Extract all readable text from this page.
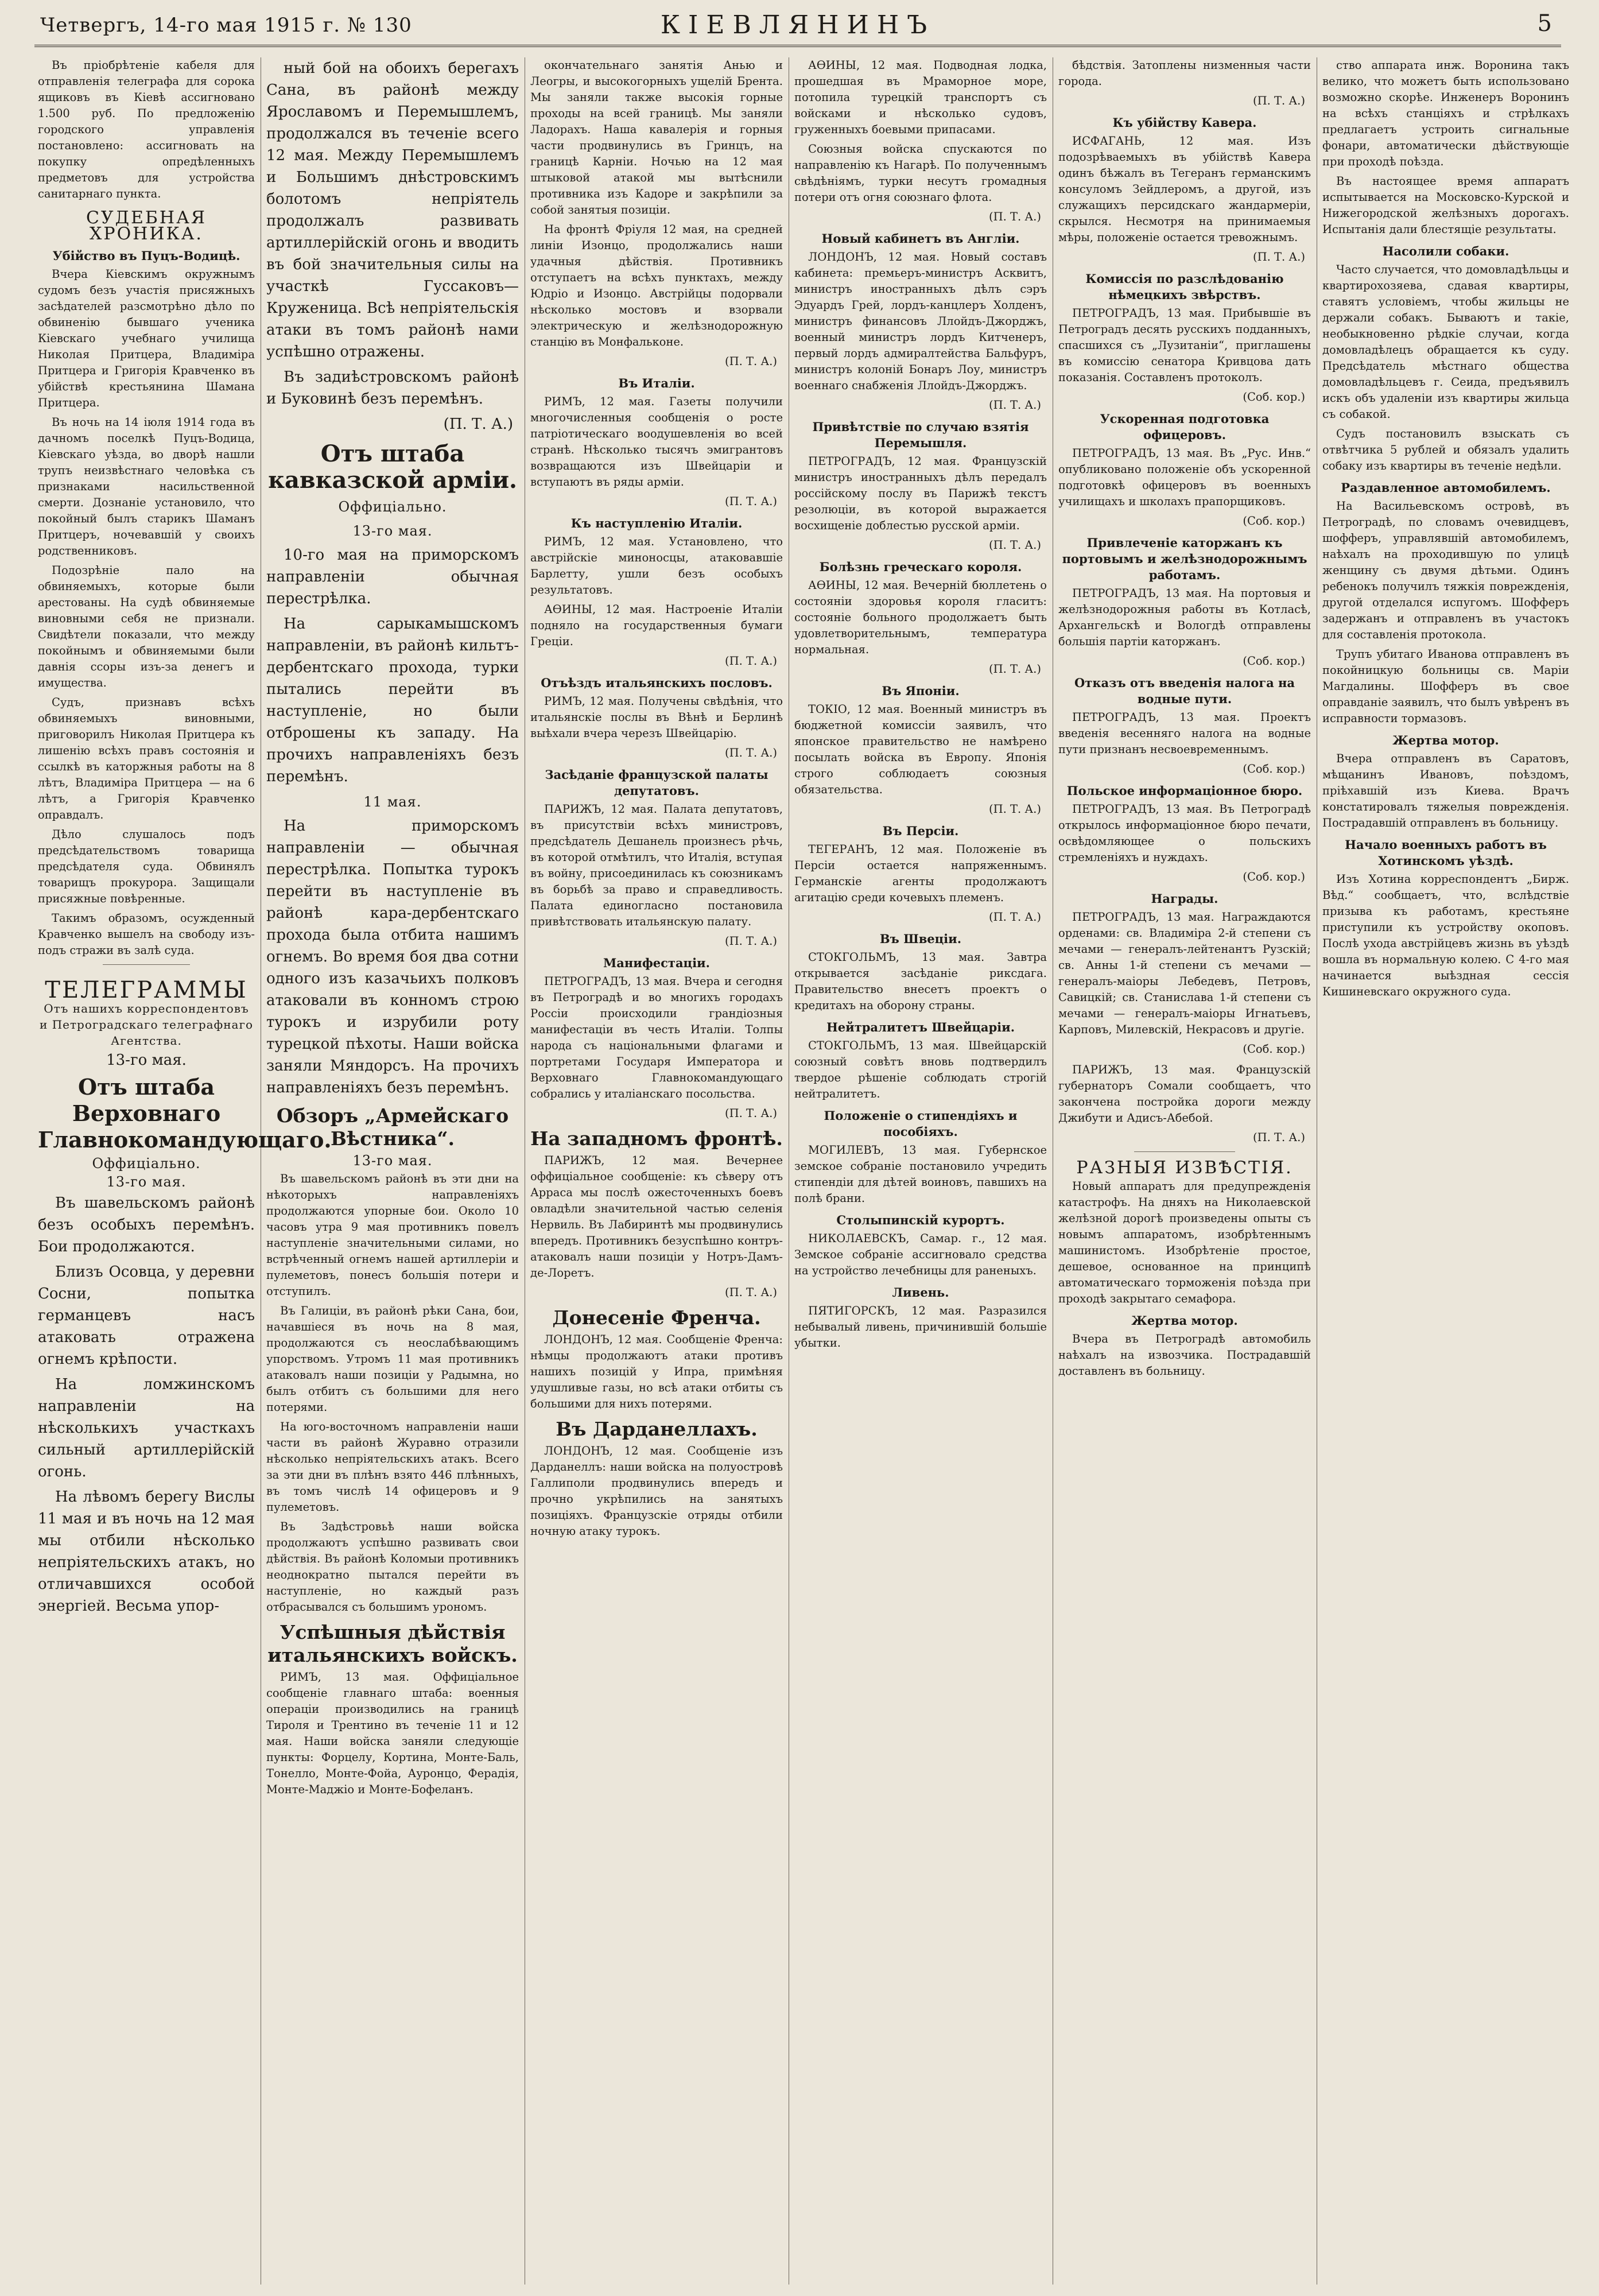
Четвергъ, 14-го мая 1915 г. № 130	КІЕВЛЯНИНЪ	5

Въ пріобрѣтеніе кабеля для отправленія телеграфа для сорока ящиковъ въ Кіевѣ ассигновано 1.500 руб. По предложенію городского управленія постановлено: ассигновать на покупку опредѣленныхъ предметовъ для устройства санитарнаго пункта.

СУДЕБНАЯ ХРОНИКА.
Убійство въ Пуцъ-Водицѣ.

Вчера Кіевскимъ окружнымъ судомъ безъ участія присяжныхъ засѣдателей разсмотрѣно дѣло по обвиненію бывшаго ученика Кіевскаго учебнаго училища Николая Притцера, Владиміра Притцера и Григорія Кравченко въ убійствѣ крестьянина Шамана Притцера.

Въ ночь на 14 іюля 1914 года въ дачномъ поселкѣ Пуцъ-Водица, Кіевскаго уѣзда, во дворѣ нашли трупъ неизвѣстнаго человѣка съ признаками насильственной смерти. Дознаніе установило, что покойный былъ старикъ Шаманъ Притцеръ, ночевавшій у своихъ родственниковъ.

Подозрѣніе пало на обвиняемыхъ, которые были арестованы. На судѣ обвиняемые виновными себя не признали. Свидѣтели показали, что между покойнымъ и обвиняемыми были давнія ссоры изъ-за денегъ и имущества.

Судъ, признавъ всѣхъ обвиняемыхъ виновными, приговорилъ Николая Притцера къ лишенію всѣхъ правъ состоянія и ссылкѣ въ каторжныя работы на 8 лѣтъ, Владиміра Притцера — на 6 лѣтъ, а Григорія Кравченко оправдалъ.

Дѣло слушалось подъ предсѣдательствомъ товарища предсѣдателя суда. Обвинялъ товарищъ прокурора. Защищали присяжные повѣренные.

Такимъ образомъ, осужденный Кравченко вышелъ на свободу изъ-подъ стражи въ залѣ суда.

ТЕЛЕГРАММЫ
Отъ нашихъ корреспондентовъ и Петроградскаго телеграфнаго Агентства.
13-го мая.
Отъ штаба Верховнаго Главнокомандующаго.
Оффиціально.
13-го мая.

Въ шавельскомъ районѣ безъ особыхъ перемѣнъ. Бои продолжаются.

Близъ Осовца, у деревни Сосни, попытка германцевъ насъ атаковать отражена огнемъ крѣпости.

На ломжинскомъ направленіи на нѣсколькихъ участкахъ сильный артиллерійскій огонь.

На лѣвомъ берегу Вислы 11 мая и въ ночь на 12 мая мы отбили нѣсколько непріятельскихъ атакъ, но отличавшихся особой энергіей. Весьма упор-

ный бой на обоихъ берегахъ Сана, въ районѣ между Ярославомъ и Перемышлемъ, продолжался въ теченіе всего 12 мая. Между Перемышлемъ и Большимъ днѣстровскимъ болотомъ непріятель продолжалъ развивать артиллерійскій огонь и вводить въ бой значительныя силы на участкѣ Гуссаковъ—Круженица. Всѣ непріятельскія атаки въ томъ районѣ нами успѣшно отражены.

Въ задиѣстровскомъ районѣ и Буковинѣ безъ перемѣнъ.

(П. Т. А.)
Отъ штаба кавказской арміи.
Оффиціально.
13-го мая.

10-го мая на приморскомъ направленіи обычная перестрѣлка.

На сарыкамышскомъ направленіи, въ районѣ кильтъ-дербентскаго прохода, турки пытались перейти въ наступленіе, но были отброшены къ западу. На прочихъ направленіяхъ безъ перемѣнъ.

11 мая.

На приморскомъ направленіи — обычная перестрѣлка. Попытка турокъ перейти въ наступленіе въ районѣ кара-дербентскаго прохода была отбита нашимъ огнемъ. Во время боя два сотни одного изъ казачьихъ полковъ атаковали въ конномъ строю турокъ и изрубили роту турецкой пѣхоты. Наши войска заняли Мяндорсъ. На прочихъ направленіяхъ безъ перемѣнъ.

Обзоръ „Армейскаго Вѣстника“.
13-го мая.

Въ шавельскомъ районѣ въ эти дни на нѣкоторыхъ направленіяхъ продолжаются упорные бои. Около 10 часовъ утра 9 мая противникъ повелъ наступленіе значительными силами, но встрѣченный огнемъ нашей артиллеріи и пулеметовъ, понесъ большія потери и отступилъ.

Въ Галиціи, въ районѣ рѣки Сана, бои, начавшіеся въ ночь на 8 мая, продолжаются съ неослабѣвающимъ упорствомъ. Утромъ 11 мая противникъ атаковалъ наши позиціи у Радымна, но былъ отбитъ съ большими для него потерями.

На юго-восточномъ направленіи наши части въ районѣ Журавно отразили нѣсколько непріятельскихъ атакъ. Всего за эти дни въ плѣнъ взято 446 плѣнныхъ, въ томъ числѣ 14 офицеровъ и 9 пулеметовъ.

Въ Задѣстровьѣ наши войска продолжаютъ успѣшно развивать свои дѣйствія. Въ районѣ Коломыи противникъ неоднократно пытался перейти въ наступленіе, но каждый разъ отбрасывался съ большимъ урономъ.

Успѣшныя дѣйствія итальянскихъ войскъ.

РИМЪ, 13 мая. Оффиціальное сообщеніе главнаго штаба: военныя операціи производились на границѣ Тироля и Трентино въ теченіе 11 и 12 мая. Наши войска заняли следующіе пункты: Форцелу, Кортина, Монте-Баль, Тонелло, Монте-Фойа, Ауронцо, Ферадія, Монте-Маджіо и Монте-Бофеланъ.

окончательнаго занятія Анью и Леогры, и высокогорныхъ ущелій Брента. Мы заняли также высокія горные проходы на всей границѣ. Мы заняли Ладорахъ. Наша кавалерія и горныя части продвинулись въ Гринцъ, на границѣ Карніи. Ночью на 12 мая штыковой атакой мы вытѣснили противника изъ Кадоре и закрѣпили за собой занятыя позиціи.

На фронтѣ Фріуля 12 мая, на средней линіи Изонцо, продолжались наши удачныя дѣйствія. Противникъ отступаетъ на всѣхъ пунктахъ, между Юдріо и Изонцо. Австрійцы подорвали нѣсколько мостовъ и взорвали электрическую и желѣзнодорожную станцію въ Монфальконе.

(П. Т. А.)
Въ Италіи.

РИМЪ, 12 мая. Газеты получили многочисленныя сообщенія о росте патріотическаго воодушевленія во всей странѣ. Нѣсколько тысячъ эмигрантовъ возвращаются изъ Швейцаріи и вступаютъ въ ряды арміи.

(П. Т. А.)
Къ наступленію Италіи.

РИМЪ, 12 мая. Установлено, что австрійскіе миноносцы, атаковавшіе Барлетту, ушли безъ особыхъ результатовъ.

АѲИНЫ, 12 мая. Настроеніе Италіи подняло на государственныя бумаги Греціи.

(П. Т. А.)
Отъѣздъ итальянскихъ пословъ.

РИМЪ, 12 мая. Получены свѣдѣнія, что итальянскіе послы въ Вѣнѣ и Берлинѣ выѣхали вчера черезъ Швейцарію.

(П. Т. А.)
Засѣданіе французской палаты депутатовъ.

ПАРИЖЪ, 12 мая. Палата депутатовъ, въ присутствіи всѣхъ министровъ, предсѣдатель Дешанель произнесъ рѣчь, въ которой отмѣтилъ, что Италія, вступая въ войну, присоединилась къ союзникамъ въ борьбѣ за право и справедливость. Палата единогласно постановила привѣтствовать итальянскую палату.

(П. Т. А.)
Манифестаціи.

ПЕТРОГРАДЪ, 13 мая. Вчера и сегодня въ Петроградѣ и во многихъ городахъ Россіи происходили грандіозныя манифестаціи въ честь Италіи. Толпы народа съ національными флагами и портретами Государя Императора и Верховнаго Главнокомандующаго собрались у италіанскаго посольства.

(П. Т. А.)
На западномъ фронтѣ.

ПАРИЖЪ, 12 мая. Вечернее оффиціальное сообщеніе: къ сѣверу отъ Арраса мы послѣ ожесточенныхъ боевъ овладѣли значительной частью селенія Нервиль. Въ Лабиринтѣ мы продвинулись впередъ. Противникъ безуспѣшно контръ-атаковалъ наши позиціи у Нотръ-Дамъ-де-Лоретъ.

(П. Т. А.)
Донесеніе Френча.

ЛОНДОНЪ, 12 мая. Сообщеніе Френча: нѣмцы продолжаютъ атаки противъ нашихъ позицій у Ипра, примѣняя удушливые газы, но всѣ атаки отбиты съ большими для нихъ потерями.

Въ Дарданеллахъ.

ЛОНДОНЪ, 12 мая. Сообщеніе изъ Дарданеллъ: наши войска на полуостровѣ Галлиполи продвинулись впередъ и прочно укрѣпились на занятыхъ позиціяхъ. Французскіе отряды отбили ночную атаку турокъ.

АѲИНЫ, 12 мая. Подводная лодка, прошедшая въ Мраморное море, потопила турецкій транспортъ съ войсками и нѣсколько судовъ, груженныхъ боевыми припасами.

Союзныя войска спускаются по направленію къ Нагарѣ. По полученнымъ свѣдѣніямъ, турки несутъ громадныя потери отъ огня союзнаго флота.

(П. Т. А.)
Новый кабинетъ въ Англіи.

ЛОНДОНЪ, 12 мая. Новый составъ кабинета: премьеръ-министръ Асквитъ, министръ иностранныхъ дѣлъ сэръ Эдуардъ Грей, лордъ-канцлеръ Холденъ, министръ финансовъ Ллойдъ-Джорджъ, военный министръ лордъ Китченеръ, первый лордъ адмиралтейства Бальфуръ, министръ колоній Бонаръ Лоу, министръ военнаго снабженія Ллойдъ-Джорджъ.

(П. Т. А.)
Привѣтствіе по случаю взятія Перемышля.

ПЕТРОГРАДЪ, 12 мая. Французскій министръ иностранныхъ дѣлъ передалъ россійскому послу въ Парижѣ текстъ резолюціи, въ которой выражается восхищеніе доблестью русской арміи.

(П. Т. А.)
Болѣзнь греческаго короля.

АѲИНЫ, 12 мая. Вечерній бюллетень о состояніи здоровья короля гласитъ: состояніе больного продолжаетъ быть удовлетворительнымъ, температура нормальная.

(П. Т. А.)
Въ Японіи.

ТОКІО, 12 мая. Военный министръ въ бюджетной комиссіи заявилъ, что японское правительство не намѣрено посылать войска въ Европу. Японія строго соблюдаетъ союзныя обязательства.

(П. Т. А.)
Въ Персіи.

ТЕГЕРАНЪ, 12 мая. Положеніе въ Персіи остается напряженнымъ. Германскіе агенты продолжаютъ агитацію среди кочевыхъ племенъ.

(П. Т. А.)
Въ Швеціи.

СТОКГОЛЬМЪ, 13 мая. Завтра открывается засѣданіе риксдага. Правительство внесетъ проектъ о кредитахъ на оборону страны.

Нейтралитетъ Швейцаріи.

СТОКГОЛЬМЪ, 13 мая. Швейцарскій союзный совѣтъ вновь подтвердилъ твердое рѣшеніе соблюдать строгій нейтралитетъ.

Положеніе о стипендіяхъ и пособіяхъ.

МОГИЛЕВЪ, 13 мая. Губернское земское собраніе постановило учредить стипендіи для дѣтей воиновъ, павшихъ на полѣ брани.

Столыпинскій курортъ.

НИКОЛАЕВСКЪ, Самар. г., 12 мая. Земское собраніе ассигновало средства на устройство лечебницы для раненыхъ.

Ливень.

ПЯТИГОРСКЪ, 12 мая. Разразился небывалый ливень, причинившій большіе убытки.

бѣдствія. Затоплены низменныя части города.

(П. Т. А.)
Къ убійству Кавера.

ИСФАГАНЬ, 12 мая. Изъ подозрѣваемыхъ въ убійствѣ Кавера одинъ бѣжалъ въ Тегеранъ германскимъ консуломъ Зейдлеромъ, а другой, изъ служащихъ персидскаго жандармеріи, скрылся. Несмотря на принимаемыя мѣры, положеніе остается тревожнымъ.

(П. Т. А.)
Комиссія по разслѣдованію нѣмецкихъ звѣрствъ.

ПЕТРОГРАДЪ, 13 мая. Прибывшіе въ Петроградъ десять русскихъ подданныхъ, спасшихся съ „Лузитаніи“, приглашены въ комиссію сенатора Кривцова дать показанія. Составленъ протоколъ.

(Соб. кор.)
Ускоренная подготовка офицеровъ.

ПЕТРОГРАДЪ, 13 мая. Въ „Рус. Инв.“ опубликовано положеніе объ ускоренной подготовкѣ офицеровъ въ военныхъ училищахъ и школахъ прапорщиковъ.

(Соб. кор.)
Привлеченіе каторжанъ къ портовымъ и желѣзнодорожнымъ работамъ.

ПЕТРОГРАДЪ, 13 мая. На портовыя и желѣзнодорожныя работы въ Котласѣ, Архангельскѣ и Вологдѣ отправлены большія партіи каторжанъ.

(Соб. кор.)
Отказъ отъ введенія налога на водные пути.

ПЕТРОГРАДЪ, 13 мая. Проектъ введенія весенняго налога на водные пути признанъ несвоевременнымъ.

(Соб. кор.)
Польское информаціонное бюро.

ПЕТРОГРАДЪ, 13 мая. Въ Петроградѣ открылось информаціонное бюро печати, освѣдомляющее о польскихъ стремленіяхъ и нуждахъ.

(Соб. кор.)
Награды.

ПЕТРОГРАДЪ, 13 мая. Награждаются орденами: св. Владиміра 2-й степени съ мечами — генералъ-лейтенантъ Рузскій; св. Анны 1-й степени съ мечами — генералъ-маіоры Лебедевъ, Петровъ, Савицкій; св. Станислава 1-й степени съ мечами — генералъ-маіоры Игнатьевъ, Карповъ, Милевскій, Некрасовъ и другіе.

(Соб. кор.)

ПАРИЖЪ, 13 мая. Французскій губернаторъ Сомали сообщаетъ, что закончена постройка дороги между Джибути и Адисъ-Абебой.

(П. Т. А.)
РАЗНЫЯ ИЗВѢСТІЯ.

Новый аппаратъ для предупрежденія катастрофъ. На дняхъ на Николаевской желѣзной дорогѣ произведены опыты съ новымъ аппаратомъ, изобрѣтеннымъ машинистомъ. Изобрѣтеніе простое, дешевое, основанное на принципѣ автоматическаго торможенія поѣзда при проходѣ закрытаго семафора.

Жертва мотор.

Вчера въ Петроградѣ автомобиль наѣхалъ на извозчика. Пострадавшій доставленъ въ больницу.

ство аппарата инж. Воронина такъ велико, что можетъ быть использовано возможно скорѣе. Инженеръ Воронинъ на всѣхъ станціяхъ и стрѣлкахъ предлагаетъ устроить сигнальные фонари, автоматически дѣйствующіе при проходѣ поѣзда.

Въ настоящее время аппаратъ испытывается на Московско-Курской и Нижегородской желѣзныхъ дорогахъ. Испытанія дали блестящіе результаты.

Насолили собаки.

Часто случается, что домовладѣльцы и квартирохозяева, сдавая квартиры, ставятъ условіемъ, чтобы жильцы не держали собакъ. Бываютъ и такіе, необыкновенно рѣдкіе случаи, когда домовладѣлецъ обращается къ суду. Предсѣдатель мѣстнаго общества домовладѣльцевъ г. Сеида, предъявилъ искъ объ удаленіи изъ квартиры жильца съ собакой.

Судъ постановилъ взыскать съ отвѣтчика 5 рублей и обязалъ удалить собаку изъ квартиры въ теченіе недѣли.

Раздавленное автомобилемъ.

На Васильевскомъ островѣ, въ Петроградѣ, по словамъ очевидцевъ, шофферъ, управлявшій автомобилемъ, наѣхалъ на проходившую по улицѣ женщину съ двумя дѣтьми. Одинъ ребенокъ получилъ тяжкія поврежденія, другой отделался испугомъ. Шофферъ задержанъ и отправленъ въ участокъ для составленія протокола.

Трупъ убитаго Ивановa отправленъ въ покойницкую больницы св. Маріи Магдалины. Шофферъ въ свое оправданіе заявилъ, что былъ увѣренъ въ исправности тормазовъ.

Жертва мотор.

Вчера отправленъ въ Саратовъ, мѣщанинъ Ивановъ, поѣздомъ, пріѣхавшій изъ Киева. Врачъ констатировалъ тяжелыя поврежденія. Пострадавшій отправленъ въ больницу.

Начало военныхъ работъ въ Хотинскомъ уѣздѣ.

Изъ Хотина корреспондентъ „Бирж. Вѣд.“ сообщаетъ, что, вслѣдствіе призыва къ работамъ, крестьяне приступили къ устройству окоповъ. Послѣ ухода австрійцевъ жизнь въ уѣздѣ вошла въ нормальную колею. С 4-го мая начинается выѣздная сессія Кишиневскаго окружного суда.
